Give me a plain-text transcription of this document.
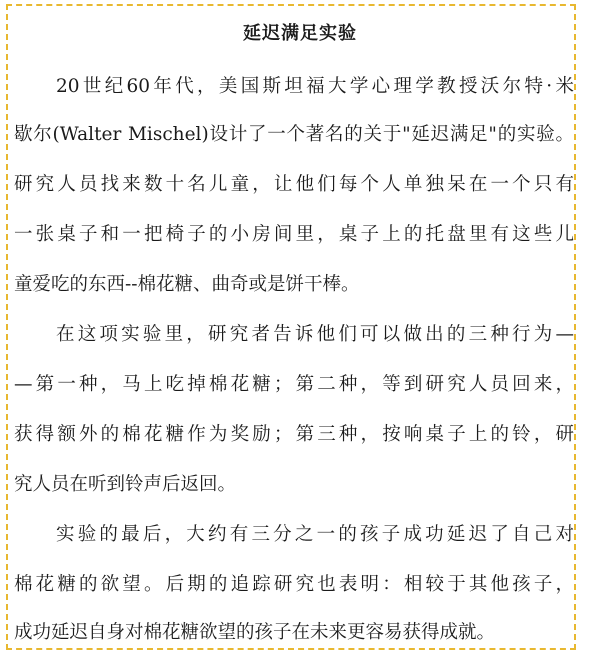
延迟满足实验
20世纪60年代，美国斯坦福大学心理学教授沃尔特·米
歇尔(Walter Mischel)设计了一个著名的关于"延迟满足"的实验。
研究人员找来数十名儿童，让他们每个人单独呆在一个只有
一张桌子和一把椅子的小房间里，桌子上的托盘里有这些儿
童爱吃的东西--棉花糖、曲奇或是饼干棒。
在这项实验里，研究者告诉他们可以做出的三种行为—
—第一种，马上吃掉棉花糖；第二种，等到研究人员回来，
获得额外的棉花糖作为奖励；第三种，按响桌子上的铃，研
究人员在听到铃声后返回。
实验的最后，大约有三分之一的孩子成功延迟了自己对
棉花糖的欲望。后期的追踪研究也表明：相较于其他孩子，
成功延迟自身对棉花糖欲望的孩子在未来更容易获得成就。
